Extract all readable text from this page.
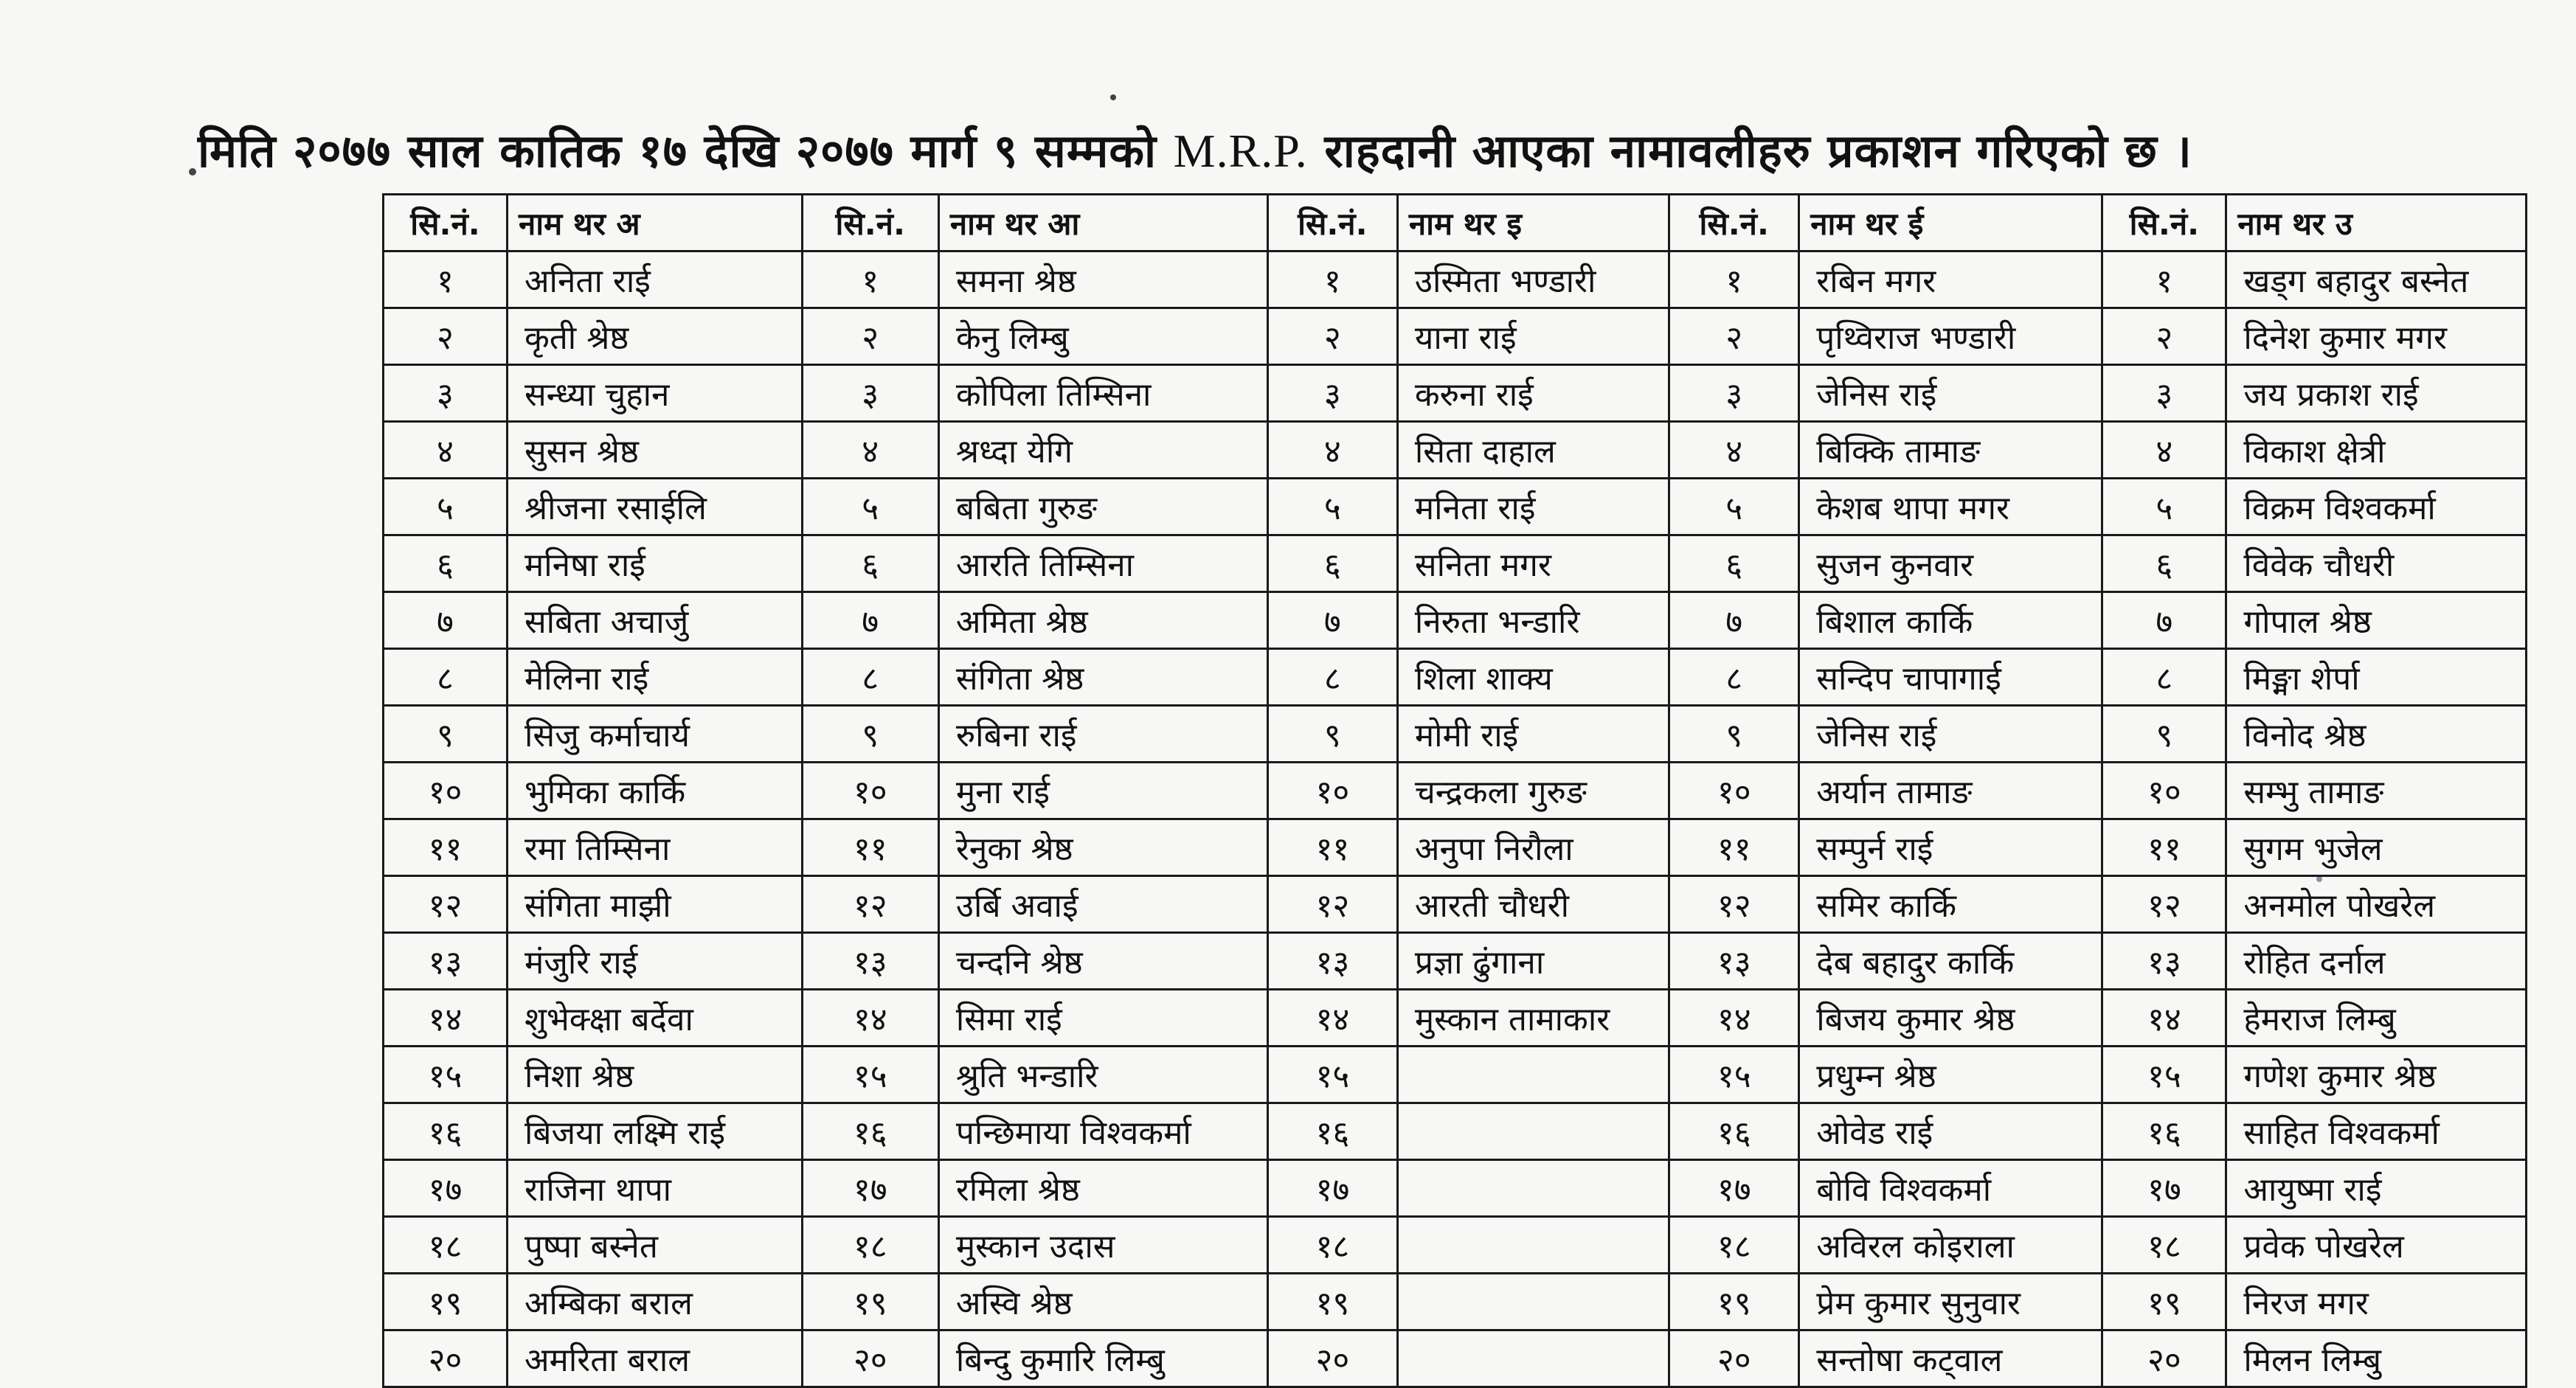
मिति २०७७ साल कातिक १७ देखि २०७७ मार्ग ९ सम्मको M.R.P. राहदानी आएका नामावलीहरु प्रकाशन गरिएको छ ।
सि.नं.	नाम थर अ	सि.नं.	नाम थर आ	सि.नं.	नाम थर इ	सि.नं.	नाम थर ई	सि.नं.	नाम थर उ
१	अनिता राई	१	समना श्रेष्ठ	१	उस्मिता भण्डारी	१	रबिन मगर	१	खड्ग बहादुर बस्नेत
२	कृती श्रेष्ठ	२	केनु लिम्बु	२	याना राई	२	पृथ्विराज भण्डारी	२	दिनेश कुमार मगर
३	सन्ध्या चुहान	३	कोपिला तिम्सिना	३	करुना राई	३	जेनिस राई	३	जय प्रकाश राई
४	सुसन श्रेष्ठ	४	श्रध्दा येगि	४	सिता दाहाल	४	बिक्कि तामाङ	४	विकाश क्षेत्री
५	श्रीजना रसाईलि	५	बबिता गुरुङ	५	मनिता राई	५	केशब थापा मगर	५	विक्रम विश्वकर्मा
६	मनिषा राई	६	आरति तिम्सिना	६	सनिता मगर	६	सुजन कुनवार	६	विवेक चौधरी
७	सबिता अचार्जु	७	अमिता श्रेष्ठ	७	निरुता भन्डारि	७	बिशाल कार्कि	७	गोपाल श्रेष्ठ
८	मेलिना राई	८	संगिता श्रेष्ठ	८	शिला शाक्य	८	सन्दिप चापागाई	८	मिङ्मा शेर्पा
९	सिजु कर्माचार्य	९	रुबिना राई	९	मोमी राई	९	जेनिस राई	९	विनोद श्रेष्ठ
१०	भुमिका कार्कि	१०	मुना राई	१०	चन्द्रकला गुरुङ	१०	अर्यान तामाङ	१०	सम्भु तामाङ
११	रमा तिम्सिना	११	रेनुका श्रेष्ठ	११	अनुपा निरौला	११	सम्पुर्न राई	११	सुगम भुजेल
१२	संगिता माझी	१२	उर्बि अवाई	१२	आरती चौधरी	१२	समिर कार्कि	१२	अनमोल पोखरेल
१३	मंजुरि राई	१३	चन्दनि श्रेष्ठ	१३	प्रज्ञा ढुंगाना	१३	देब बहादुर कार्कि	१३	रोहित दर्नाल
१४	शुभेक्क्षा बर्देवा	१४	सिमा राई	१४	मुस्कान तामाकार	१४	बिजय कुमार श्रेष्ठ	१४	हेमराज लिम्बु
१५	निशा श्रेष्ठ	१५	श्रुति भन्डारि	१५		१५	प्रधुम्न श्रेष्ठ	१५	गणेश कुमार श्रेष्ठ
१६	बिजया लक्ष्मि राई	१६	पन्छिमाया विश्वकर्मा	१६		१६	ओवेड राई	१६	साहित विश्वकर्मा
१७	राजिना थापा	१७	रमिला श्रेष्ठ	१७		१७	बोवि विश्वकर्मा	१७	आयुष्मा राई
१८	पुष्पा बस्नेत	१८	मुस्कान उदास	१८		१८	अविरल कोइराला	१८	प्रवेक पोखरेल
१९	अम्बिका बराल	१९	अस्वि श्रेष्ठ	१९		१९	प्रेम कुमार सुनुवार	१९	निरज मगर
२०	अमरिता बराल	२०	बिन्दु कुमारि लिम्बु	२०		२०	सन्तोषा कट्वाल	२०	मिलन लिम्बु
